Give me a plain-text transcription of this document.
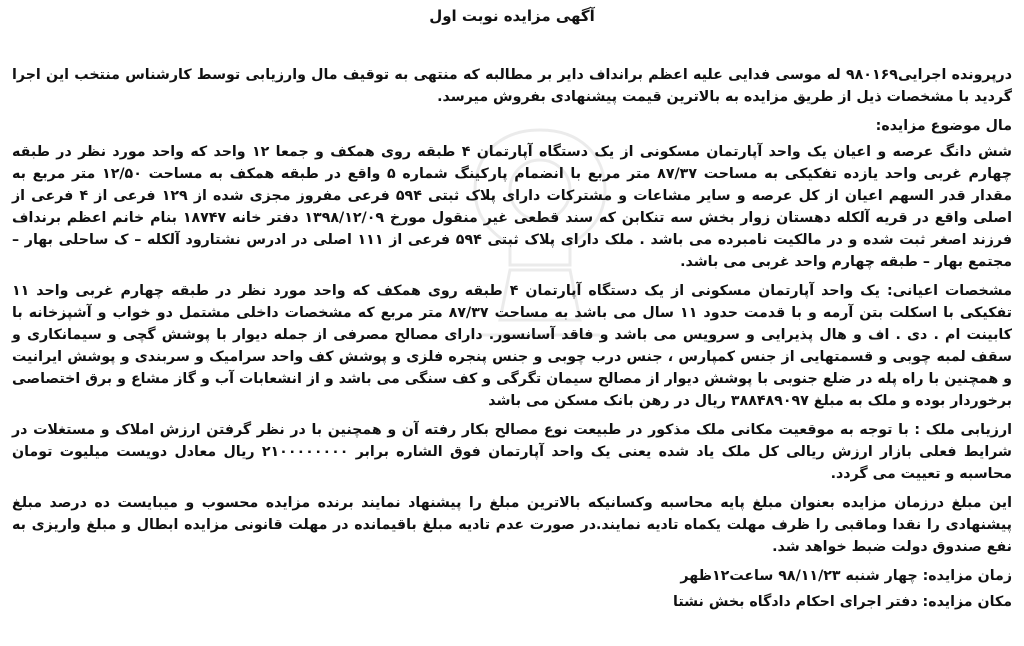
آگهی مزایده نوبت اول

درپرونده اجرایی۹۸۰۱۶۹ له موسی فدایی علیه اعظم برانداف دایر بر مطالبه که منتهی به توقیف مال وارزیابی توسط کارشناس منتخب این اجرا گردید با مشخصات ذیل از طریق مزایده به بالاترین قیمت پیشنهادی بفروش میرسد.

مال موضوع مزایده:

شش دانگ عرصه و اعیان یک واحد آپارتمان مسکونی از یک دستگاه آپارتمان ۴ طبقه روی همکف و جمعا ۱۲ واحد که واحد مورد نظر در طبقه چهارم غربی واحد یازده تفکیکی به مساحت ۸۷/۳۷ متر مربع با انضمام پارکینگ شماره ۵ واقع در طبقه همکف به مساحت ۱۲/۵۰ متر مربع به مقدار قدر السهم اعیان از کل عرصه و سایر مشاعات و مشترکات دارای پلاک ثبتی ۵۹۴ فرعی مفروز مجزی شده از ۱۲۹ فرعی از ۴ فرعی از اصلی واقع در قریه آلکله دهستان زوار بخش سه تنکابن که سند قطعی غیر منقول مورخ ۱۳۹۸/۱۲/۰۹ دفتر خانه ۱۸۷۴۷ بنام خانم اعظم برنداف فرزند اصغر ثبت شده و در مالکیت نامبرده می باشد . ملک دارای پلاک ثبتی ۵۹۴ فرعی از ۱۱۱ اصلی در ادرس نشتارود آلکله – ک ساحلی بهار – مجتمع بهار – طبقه چهارم واحد غربی می باشد.

مشخصات اعیانی: یک واحد آپارتمان مسکونی از یک دستگاه آپارتمان ۴ طبقه روی همکف که واحد مورد نظر در طبقه چهارم غربی واحد ۱۱ تفکیکی با اسکلت بتن آرمه و با قدمت حدود ۱۱ سال می باشد به مساحت ۸۷/۳۷ متر مربع که مشخصات داخلی مشتمل دو خواب و آشپزخانه با کابینت ام . دی . اف و هال پذیرایی و سرویس می باشد و فاقد آسانسور. دارای مصالح مصرفی از جمله دیوار با پوشش گچی و سیمانکاری و سقف لمبه چوبی و قسمتهایی از جنس کمپارس ، جنس درب چوبی و جنس پنجره فلزی و پوشش کف واحد سرامیک و سربندی و پوشش ایرانیت و همچنین با راه پله در ضلع جنوبی با پوشش دیوار از مصالح سیمان تگرگی و کف سنگی می باشد و از انشعابات آب و گاز مشاع و برق اختصاصی برخوردار بوده و ملک به مبلغ ۳۸۸۴۸۹۰۹۷ ریال در رهن بانک مسکن می باشد

ارزیابی ملک : با توجه به موقعیت مکانی ملک مذکور در طبیعت نوع مصالح بکار رفته آن و همچنین با در نظر گرفتن ارزش املاک و مستغلات در شرایط فعلی بازار ارزش ریالی کل ملک یاد شده یعنی یک واحد آپارتمان فوق الشاره برابر ۲۱۰۰۰۰۰۰۰۰ ریال معادل دویست میلیوت تومان محاسبه و تعییت می گردد.

این مبلغ درزمان مزایده بعنوان مبلغ پایه محاسبه وکسانیکه بالاترین مبلغ را پیشنهاد نمایند برنده مزایده محسوب و میبایست ده درصد مبلغ پیشنهادی را نقدا وماقبی را ظرف مهلت یکماه تادیه نمایند.در صورت عدم تادیه مبلغ باقیمانده در مهلت قانونی مزایده ابطال و مبلغ واریزی به نفع صندوق دولت ضبط خواهد شد.

زمان مزایده: چهار شنبه ۹۸/۱۱/۲۳ ساعت۱۲ظهر

مکان مزایده: دفتر اجرای احکام دادگاه بخش نشتا
